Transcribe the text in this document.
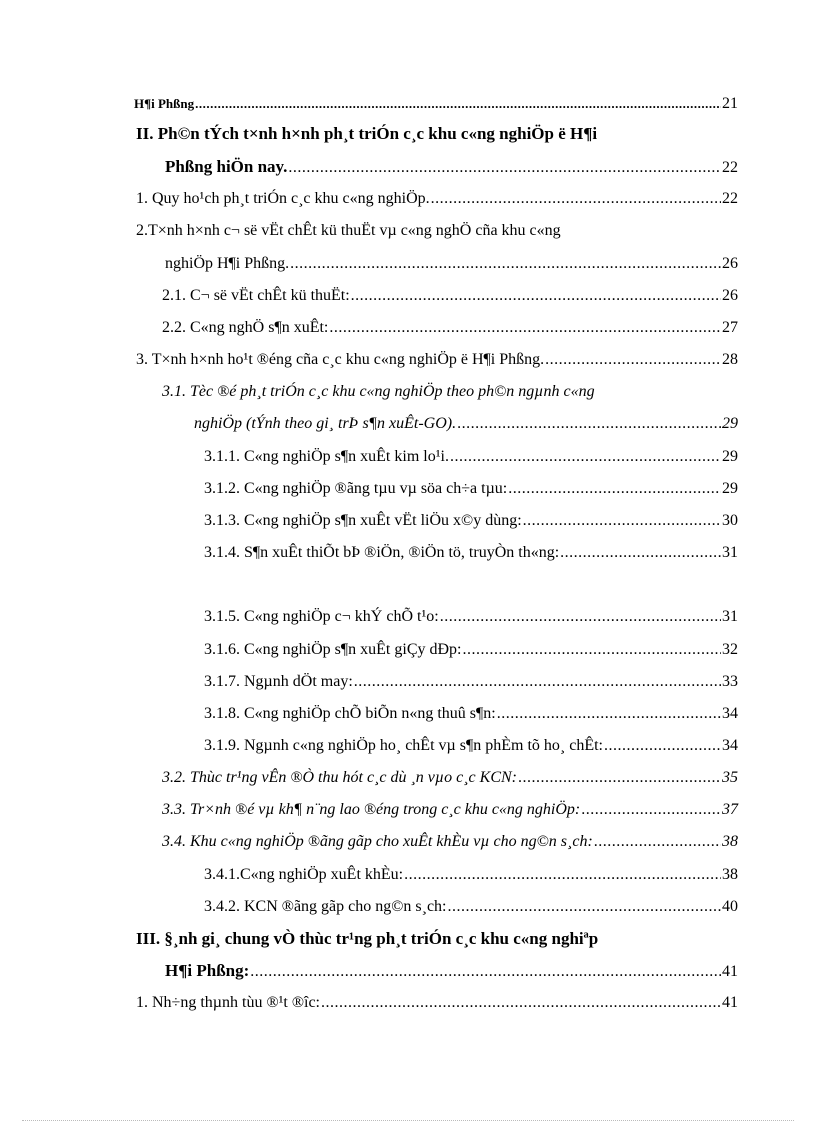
H¶i Phßng .....	21
II. Ph©n tÝch t×nh h×nh ph¸t triÓn c¸c khu c«ng nghiÖp ë H¶i
Phßng hiÖn nay. .....	22
1. Quy ho¹ch ph¸t triÓn c¸c khu c«ng nghiÖp. .....	22
2.T×nh h×nh c¬ së vËt chÊt kü thuËt vµ c«ng nghÖ cña khu c«ng
nghiÖp H¶i Phßng. .....	26
2.1. C¬ së vËt chÊt kü thuËt: .....	26
2.2. C«ng nghÖ s¶n xuÊt: .....	27
3. T×nh h×nh ho¹t ®éng cña c¸c khu c«ng nghiÖp ë H¶i Phßng. .....	28
3.1. Tèc ®é ph¸t triÓn c¸c khu c«ng nghiÖp theo ph©n ngµnh c«ng
nghiÖp (tÝnh theo gi¸ trÞ s¶n xuÊt-GO). .....	29
3.1.1. C«ng nghiÖp s¶n xuÊt kim lo¹i. .....	29
3.1.2. C«ng nghiÖp ®ãng tµu vµ söa ch÷a tµu: .....	29
3.1.3. C«ng nghiÖp s¶n xuÊt vËt liÖu x©y dùng: .....	30
3.1.4. S¶n xuÊt thiÕt bÞ ®iÖn, ®iÖn tö, truyÒn th«ng: .....	31
3.1.5. C«ng nghiÖp c¬ khÝ chÕ t¹o: .....	31
3.1.6. C«ng nghiÖp s¶n xuÊt giÇy dÐp: .....	32
3.1.7. Ngµnh dÖt may: .....	33
3.1.8. C«ng nghiÖp chÕ biÕn n«ng thuû s¶n: .....	34
3.1.9. Ngµnh c«ng nghiÖp ho¸ chÊt vµ s¶n phÈm tõ ho¸ chÊt: .....	34
3.2. Thùc tr¹ng vÊn ®Ò thu hót c¸c dù ¸n vµo c¸c KCN: .....	35
3.3. Tr×nh ®é vµ kh¶ n¨ng lao ®éng trong c¸c khu c«ng nghiÖp: .....	37
3.4. Khu c«ng nghiÖp ®ãng gãp cho xuÊt khÈu vµ cho ng©n s¸ch: .....	38
3.4.1.C«ng nghiÖp xuÊt khÈu: .....	38
3.4.2. KCN ®ãng gãp cho ng©n s¸ch: .....	40
III. §¸nh gi¸ chung vÒ thùc tr¹ng ph¸t triÓn c¸c khu c«ng nghiªp
H¶i Phßng: .....	41
1. Nh÷ng thµnh tùu ®¹t ®îc: .....	41
